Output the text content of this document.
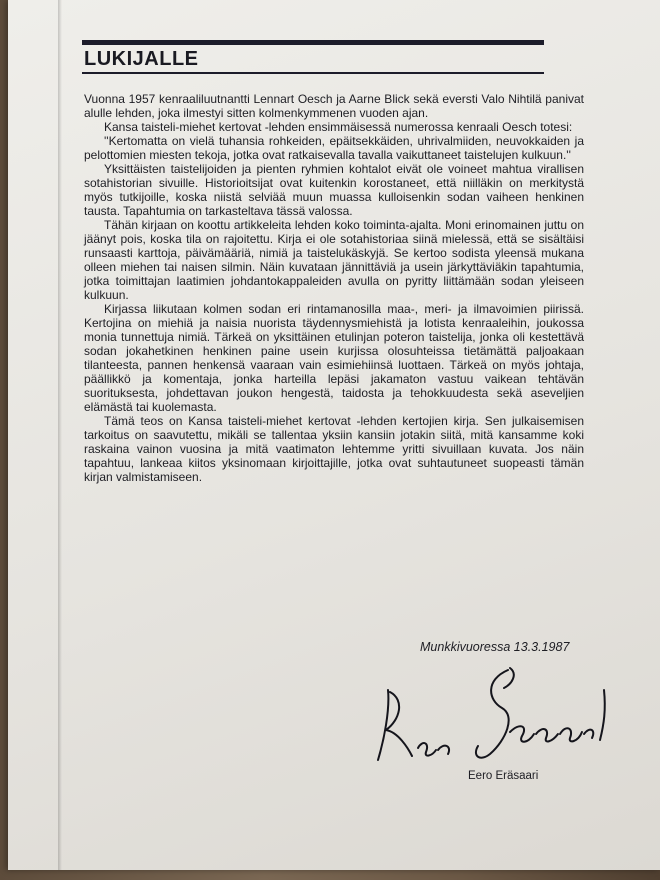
LUKIJALLE

Vuonna 1957 kenraaliluutnantti Lennart Oesch ja Aarne Blick sekä eversti Valo Nihtilä panivat alulle lehden, joka ilmestyi sitten kolmenkymmenen vuoden ajan.

Kansa taisteli-miehet kertovat -lehden ensimmäisessä numerossa kenraali Oesch totesi:

''Kertomatta on vielä tuhansia rohkeiden, epäitsekkäiden, uhrivalmiiden, neuvokkaiden ja pelottomien miesten tekoja, jotka ovat ratkaisevalla tavalla vaikuttaneet taistelujen kulkuun.''

Yksittäisten taistelijoiden ja pienten ryhmien kohtalot eivät ole voineet mahtua virallisen sotahistorian sivuille. Historioitsijat ovat kuitenkin korostaneet, että niilläkin on merkitystä myös tutkijoille, koska niistä selviää muun muassa kulloisenkin sodan vaiheen henkinen tausta. Tapahtumia on tarkasteltava tässä valossa.

Tähän kirjaan on koottu artikkeleita lehden koko toiminta-ajalta. Moni erinomainen juttu on jäänyt pois, koska tila on rajoitettu. Kirja ei ole sotahistoriaa siinä mielessä, että se sisältäisi runsaasti karttoja, päivämääriä, nimiä ja taistelukäskyjä. Se kertoo sodista yleensä mukana olleen miehen tai naisen silmin. Näin kuvataan jännittäviä ja usein järkyttäviäkin tapahtumia, jotka toimittajan laatimien johdantokappaleiden avulla on pyritty liittämään sodan yleiseen kulkuun.

Kirjassa liikutaan kolmen sodan eri rintamanosilla maa-, meri- ja ilmavoimien piirissä. Kertojina on miehiä ja naisia nuorista täydennysmiehistä ja lotista kenraaleihin, joukossa monia tunnettuja nimiä. Tärkeä on yksittäinen etulinjan poteron taistelija, jonka oli kestettävä sodan jokahetkinen henkinen paine usein kurjissa olosuhteissa tietämättä paljoakaan tilanteesta, pannen henkensä vaaraan vain esimiehiinsä luottaen. Tärkeä on myös johtaja, päällikkö ja komentaja, jonka harteilla lepäsi jakamaton vastuu vaikean tehtävän suorituksesta, johdettavan joukon hengestä, taidosta ja tehokkuudesta sekä aseveljien elämästä tai kuolemasta.

Tämä teos on Kansa taisteli-miehet kertovat -lehden kertojien kirja. Sen julkaisemisen tarkoitus on saavutettu, mikäli se tallentaa yksiin kansiin jotakin siitä, mitä kansamme koki raskaina vainon vuosina ja mitä vaatimaton lehtemme yritti sivuillaan kuvata. Jos näin tapahtuu, lankeaa kiitos yksinomaan kirjoittajille, jotka ovat suhtautuneet suopeasti tämän kirjan valmistamiseen.

Munkkivuoressa 13.3.1987
Eero Eräsaari
